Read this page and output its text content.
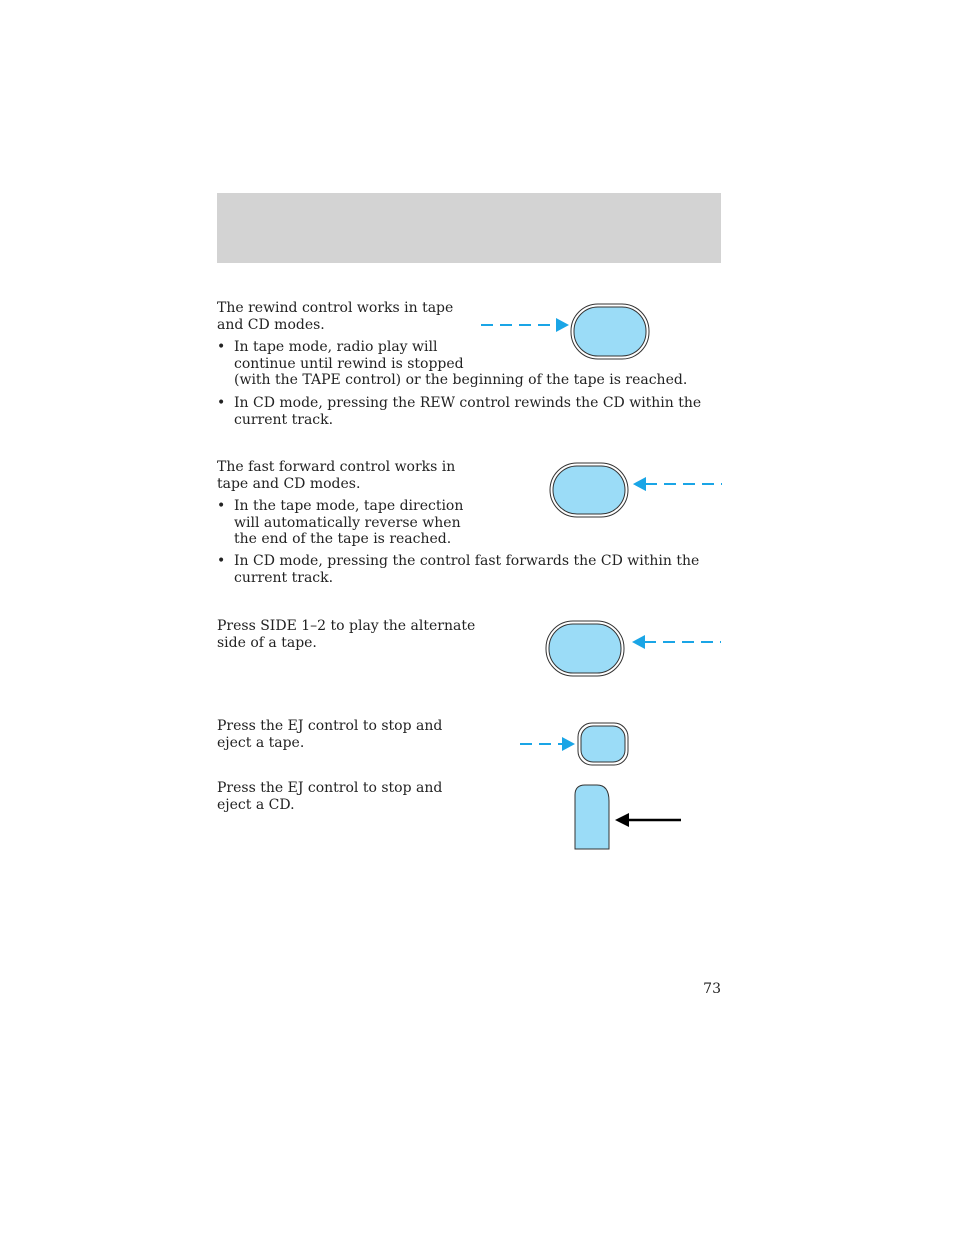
The rewind control works in tape
and CD modes.
• In tape mode, radio play will
continue until rewind is stopped
(with the TAPE control) or the beginning of the tape is reached.
• In CD mode, pressing the REW control rewinds the CD within the
current track.
The fast forward control works in
tape and CD modes.
• In the tape mode, tape direction
will automatically reverse when
the end of the tape is reached.
• In CD mode, pressing the control fast forwards the CD within the
current track.
Press SIDE 1–2 to play the alternate
side of a tape.
Press the EJ control to stop and
eject a tape.
Press the EJ control to stop and
eject a CD.
73
